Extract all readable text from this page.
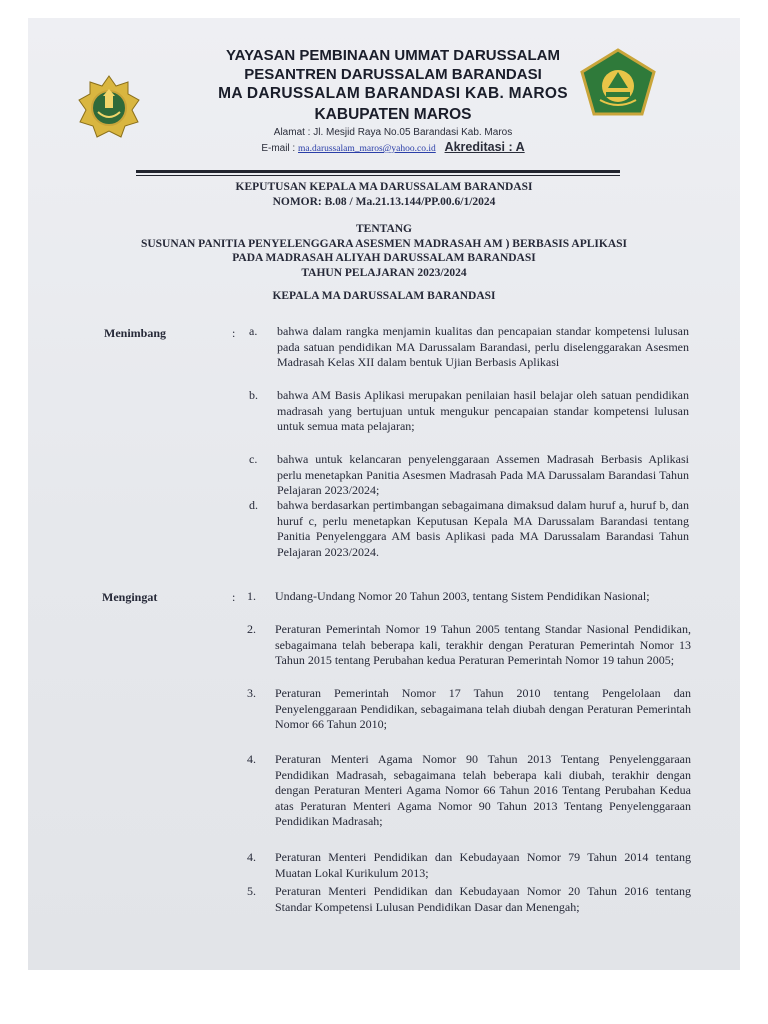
YAYASAN PEMBINAAN UMMAT DARUSSALAM
PESANTREN DARUSSALAM BARANDASI
MA DARUSSALAM BARANDASI KAB. MAROS
KABUPATEN MAROS
Alamat : Jl. Mesjid Raya No.05 Barandasi Kab. Maros
E-mail : ma.darussalam_maros@yahoo.co.id Akreditasi : A
KEPUTUSAN KEPALA MA DARUSSALAM BARANDASI
NOMOR: B.08 / Ma.21.13.144/PP.00.6/1/2024
TENTANG
SUSUNAN PANITIA PENYELENGGARA ASESMEN MADRASAH AM ) BERBASIS APLIKASI
PADA MADRASAH ALIYAH DARUSSALAM BARANDASI
TAHUN PELAJARAN 2023/2024
KEPALA MA DARUSSALAM BARANDASI
Menimbang	: a. bahwa dalam rangka menjamin kualitas dan pencapaian standar kompetensi lulusan pada satuan pendidikan MA Darussalam Barandasi, perlu diselenggarakan Asesmen Madrasah Kelas XII dalam bentuk Ujian Berbasis Aplikasi
b. bahwa AM Basis Aplikasi merupakan penilaian hasil belajar oleh satuan pendidikan madrasah yang bertujuan untuk mengukur pencapaian standar kompetensi lulusan untuk semua mata pelajaran;
c. bahwa untuk kelancaran penyelenggaraan Assemen Madrasah Berbasis Aplikasi perlu menetapkan Panitia Asesmen Madrasah Pada MA Darussalam Barandasi Tahun Pelajaran 2023/2024;
d. bahwa berdasarkan pertimbangan sebagaimana dimaksud dalam huruf a, huruf b, dan huruf c, perlu menetapkan Keputusan Kepala MA Darussalam Barandasi tentang Panitia Penyelenggara AM basis Aplikasi pada MA Darussalam Barandasi Tahun Pelajaran 2023/2024.
Mengingat	: 1. Undang-Undang Nomor 20 Tahun 2003, tentang Sistem Pendidikan Nasional;
2. Peraturan Pemerintah Nomor 19 Tahun 2005 tentang Standar Nasional Pendidikan, sebagaimana telah beberapa kali, terakhir dengan Peraturan Pemerintah Nomor 13 Tahun 2015 tentang Perubahan kedua Peraturan Pemerintah Nomor 19 tahun 2005;
3. Peraturan Pemerintah Nomor 17 Tahun 2010 tentang Pengelolaan dan Penyelenggaraan Pendidikan, sebagaimana telah diubah dengan Peraturan Pemerintah Nomor 66 Tahun 2010;
4. Peraturan Menteri Agama Nomor 90 Tahun 2013 Tentang Penyelenggaraan Pendidikan Madrasah, sebagaimana telah beberapa kali diubah, terakhir dengan dengan Peraturan Menteri Agama Nomor 66 Tahun 2016 Tentang Perubahan Kedua atas Peraturan Menteri Agama Nomor 90 Tahun 2013 Tentang Penyelenggaraan Pendidikan Madrasah;
4. Peraturan Menteri Pendidikan dan Kebudayaan Nomor 79 Tahun 2014 tentang Muatan Lokal Kurikulum 2013;
5. Peraturan Menteri Pendidikan dan Kebudayaan Nomor 20 Tahun 2016 tentang Standar Kompetensi Lulusan Pendidikan Dasar dan Menengah;
